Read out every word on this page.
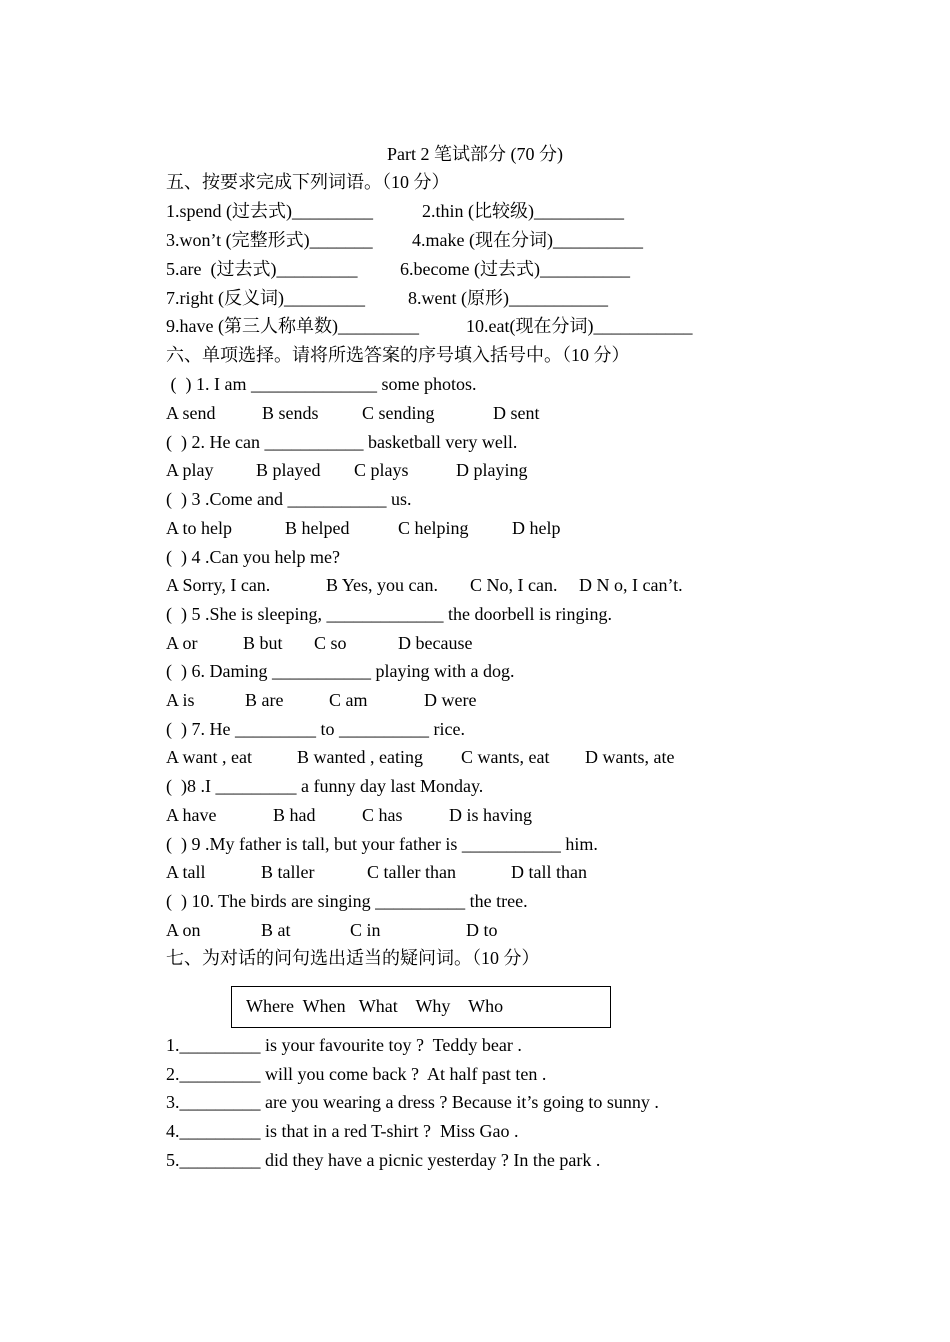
Part 2 笔试部分 (70 分)
五、按要求完成下列词语。（10 分）
1.spend (过去式)_________	2.thin (比较级)__________
3.won’t (完整形式)_______ 4.make (现在分词)__________
5.are  (过去式)_________ 6.become (过去式)__________
7.right (反义词)_________ 8.went (原形)___________
9.have (第三人称单数)_________	10.eat(现在分词)___________
六、单项选择。请将所选答案的序号填入括号中。（10 分）
(  ) 1. I am ______________ some photos.
A send	B sends C sending	D sent
(  ) 2. He can ___________ basketball very well.
A play B played C plays	D playing
(  ) 3 .Come and ___________ us.
A to help	B helped	C helping D help
(  ) 4 .Can you help me?
A Sorry, I can.	B Yes, you can. C No, I can. D N o, I can’t.
(  ) 5 .She is sleeping, _____________ the doorbell is ringing.
A or	B but C so	D because
(  ) 6. Daming ___________ playing with a dog.
A is	B are	C am	D were
(  ) 7. He _________ to __________ rice.
A want , eat	B wanted , eating C wants, eat D wants, ate
(  )8 .I _________ a funny day last Monday.
A have	B had	C has	D is having
(  ) 9 .My father is tall, but your father is ___________ him.
A tall	B taller	C taller than	D tall than
(  ) 10. The birds are singing __________ the tree.
A on	B at	C in	D to
七、为对话的问句选出适当的疑问词。（10 分）
Where  When   What    Why    Who
1._________ is your favourite toy ?  Teddy bear .
2._________ will you come back ?  At half past ten .
3._________ are you wearing a dress ? Because it’s going to sunny .
4._________ is that in a red T-shirt ?  Miss Gao .
5._________ did they have a picnic yesterday ? In the park .
